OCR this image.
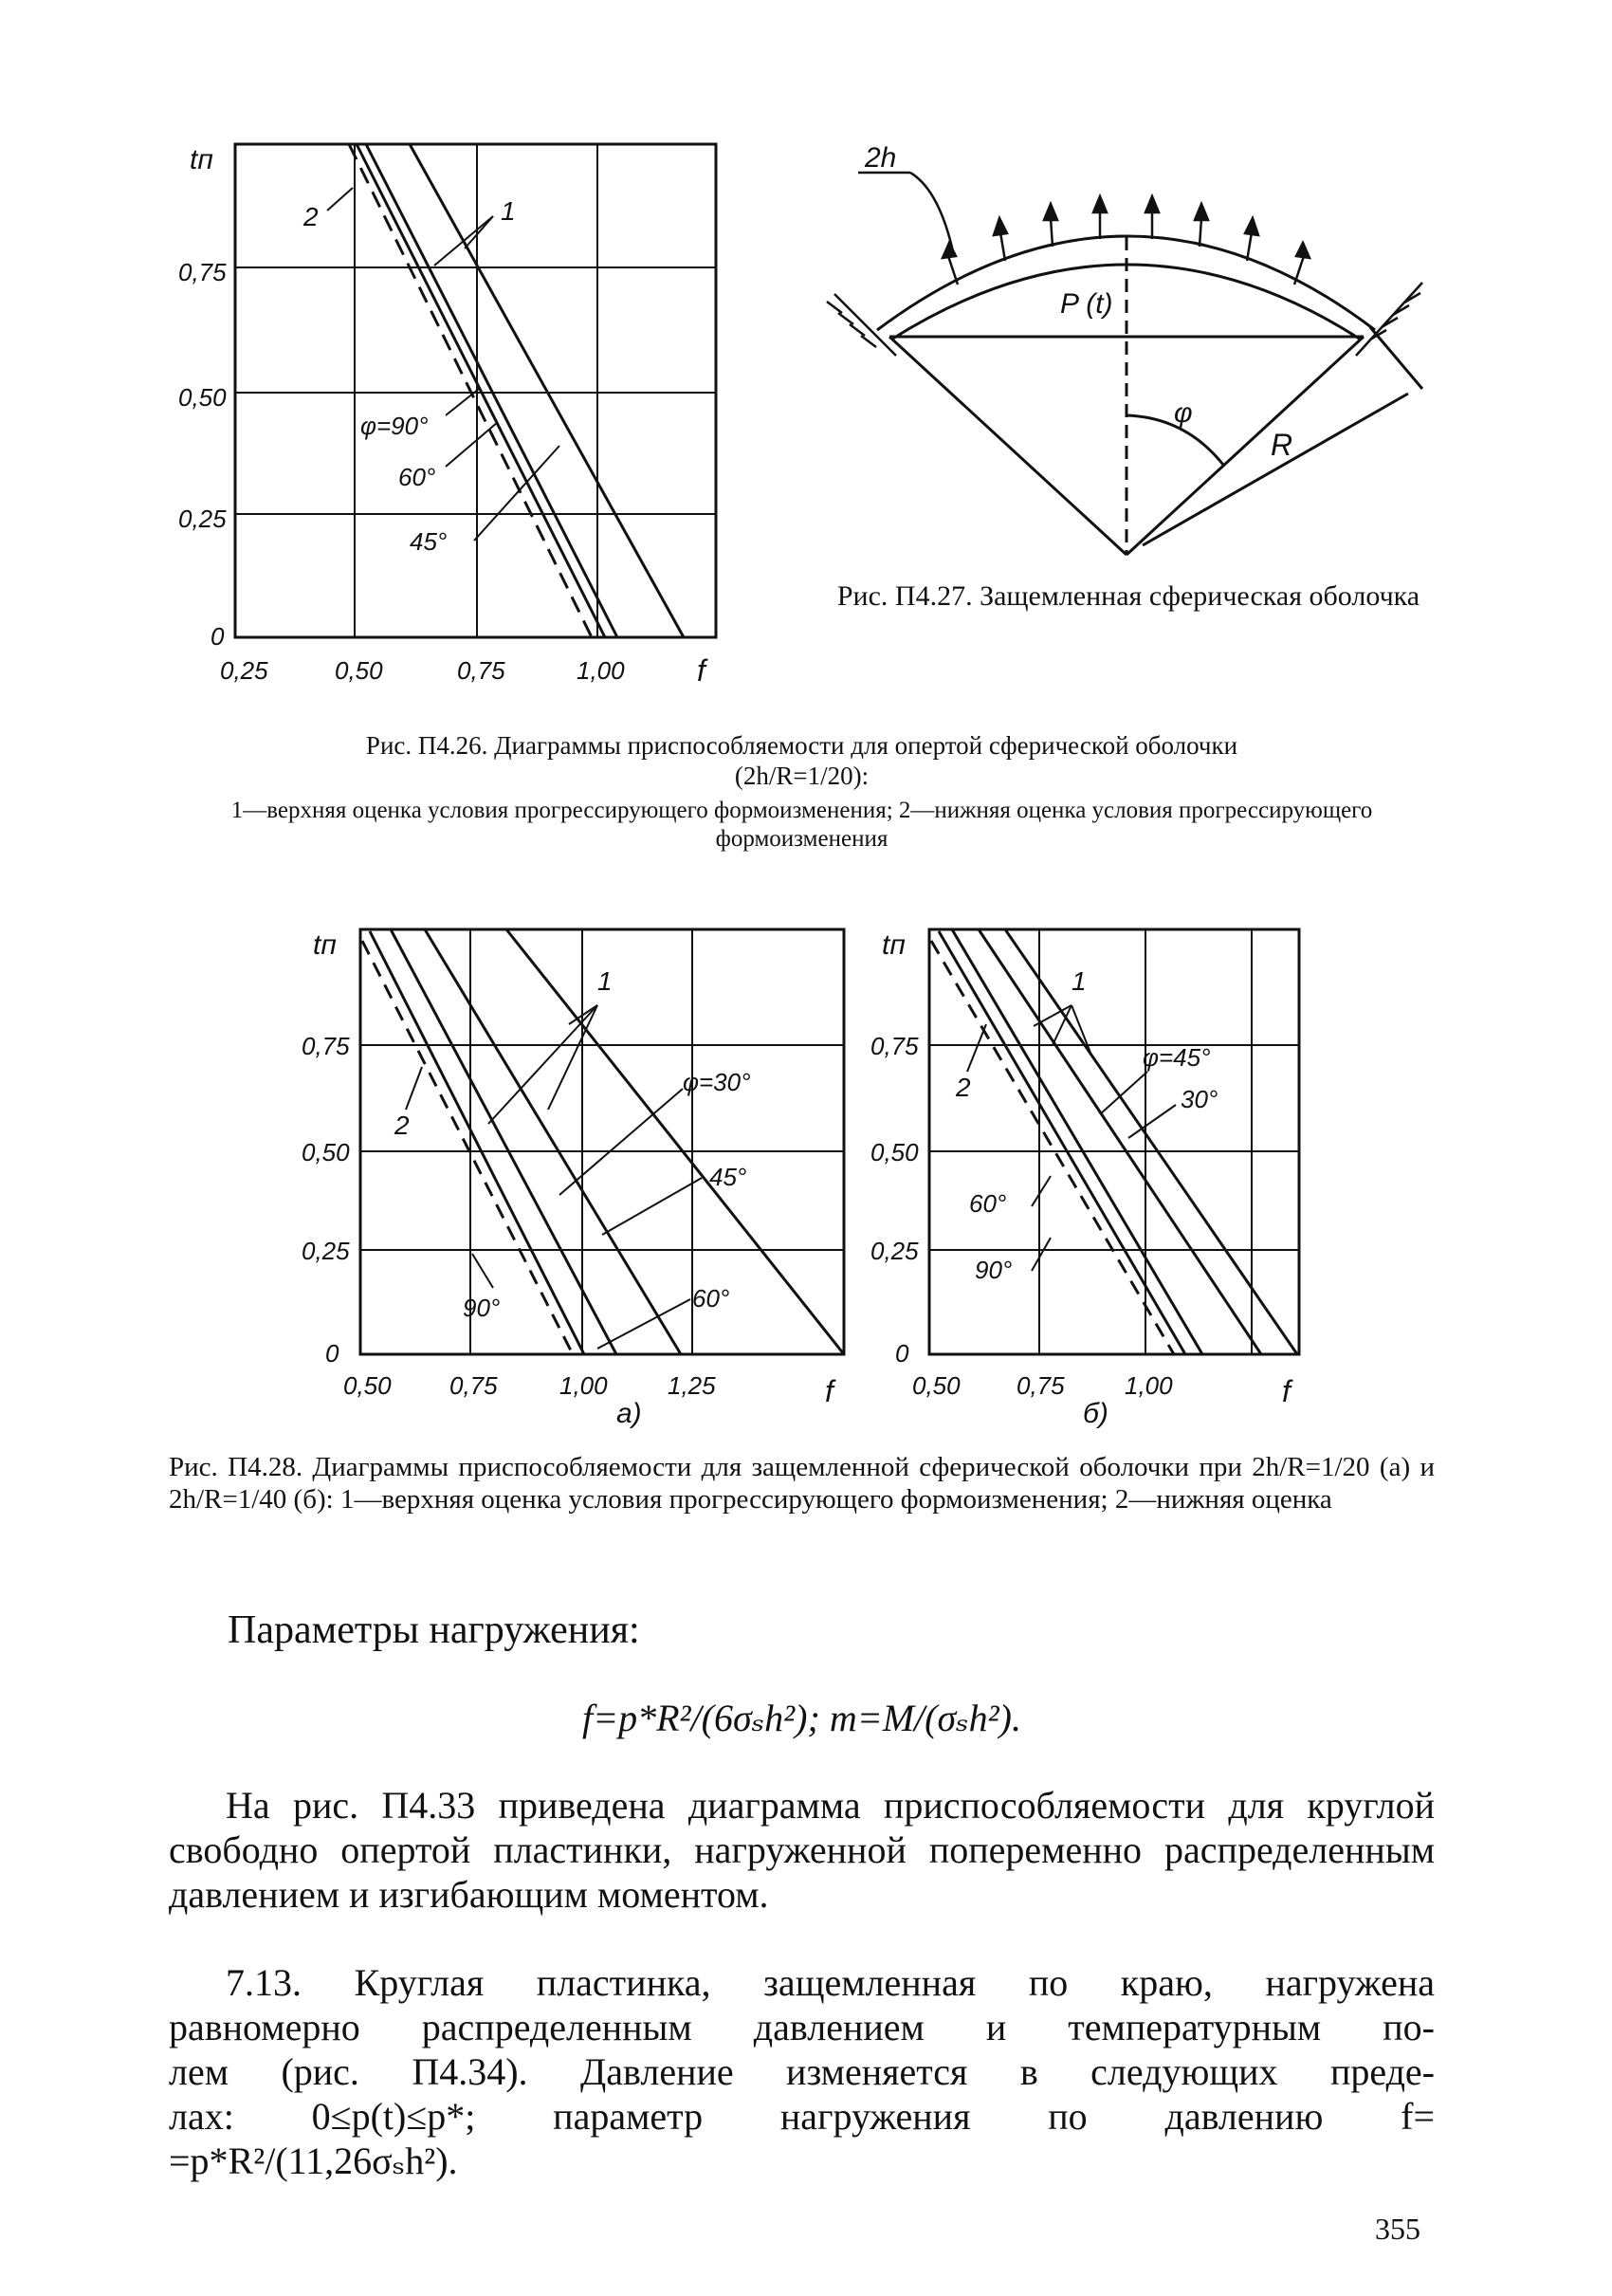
tп
f
0,75
0,50
0,25
0
0,25	0,50	0,75	1,00
1
2
φ=90°
60°
45°
2h
P (t)
φ
R
Рис. П4.27. Защемленная сферическая оболочка
Рис. П4.26. Диаграммы приспособляемости для опертой сферической оболочки
(2h/R=1/20):
1—верхняя оценка условия прогрессирующего формоизменения; 2—нижняя оценка условия прогрессирующего формоизменения
tп
0,75
0,50
0,25
0
0,50 0,75	1,00 1,25	f
а)
1
2
φ=30°
45°
60°
90°
tп
0,75
0,50
0,25
0
0,50 0,75 1,00	f
б)
1
2
φ=45°
30°
60°
90°
Рис. П4.28. Диаграммы приспособляемости для защемленной сферической оболочки при 2h/R=1/20 (а) и 2h/R=1/40 (б): 1—верхняя оценка условия прогрессирующего формоизменения; 2—нижняя оценка
Параметры нагружения:
f=p*R²/(6σₛh²); m=M/(σₛh²).
На рис. П4.33 приведена диаграмма приспособляемости для круглой свободно опертой пластинки, нагруженной попеременно распределенным давлением и изгибающим моментом.
7.13. Круглая пластинка, защемленная по краю, нагружена
равномерно распределенным давлением и температурным по-
лем (рис. П4.34). Давление изменяется в следующих преде-
лах: 0≤p(t)≤p*; параметр нагружения по давлению f=
=p*R²/(11,26σₛh²).
355
